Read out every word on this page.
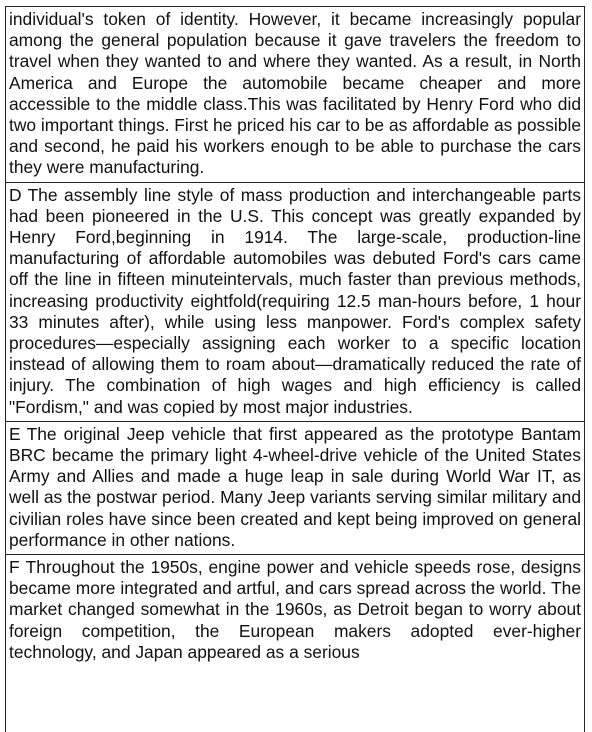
individual's token of identity. However, it became increasingly popular among the general population because it gave travelers the freedom to travel when they wanted to and where they wanted. As a result, in North America and Europe the automobile became cheaper and more accessible to the middle class.This was facilitated by Henry Ford who did two important things. First he priced his car to be as affordable as possible and second, he paid his workers enough to be able to purchase the cars they were manufacturing.

D The assembly line style of mass production and interchangeable parts had been pioneered in the U.S. This concept was greatly expanded by Henry Ford,beginning in 1914. The large-scale, production-line manufacturing of affordable automobiles was debuted Ford's cars came off the line in fifteen minuteintervals, much faster than previous methods, increasing productivity eightfold(requiring 12.5 man-hours before, 1 hour 33 minutes after), while using less manpower. Ford's complex safety procedures—especially assigning each worker to a specific location instead of allowing them to roam about—dramatically reduced the rate of injury. The combination of high wages and high efficiency is called "Fordism," and was copied by most major industries.

E The original Jeep vehicle that first appeared as the prototype Bantam BRC became the primary light 4-wheel-drive vehicle of the United States Army and Allies and made a huge leap in sale during World War IT, as well as the postwar period. Many Jeep variants serving similar military and civilian roles have since been created and kept being improved on general performance in other nations.

F Throughout the 1950s, engine power and vehicle speeds rose, designs became more integrated and artful, and cars spread across the world. The market changed somewhat in the 1960s, as Detroit began to worry about foreign competition, the European makers adopted ever-higher technology, and Japan appeared as a serious
